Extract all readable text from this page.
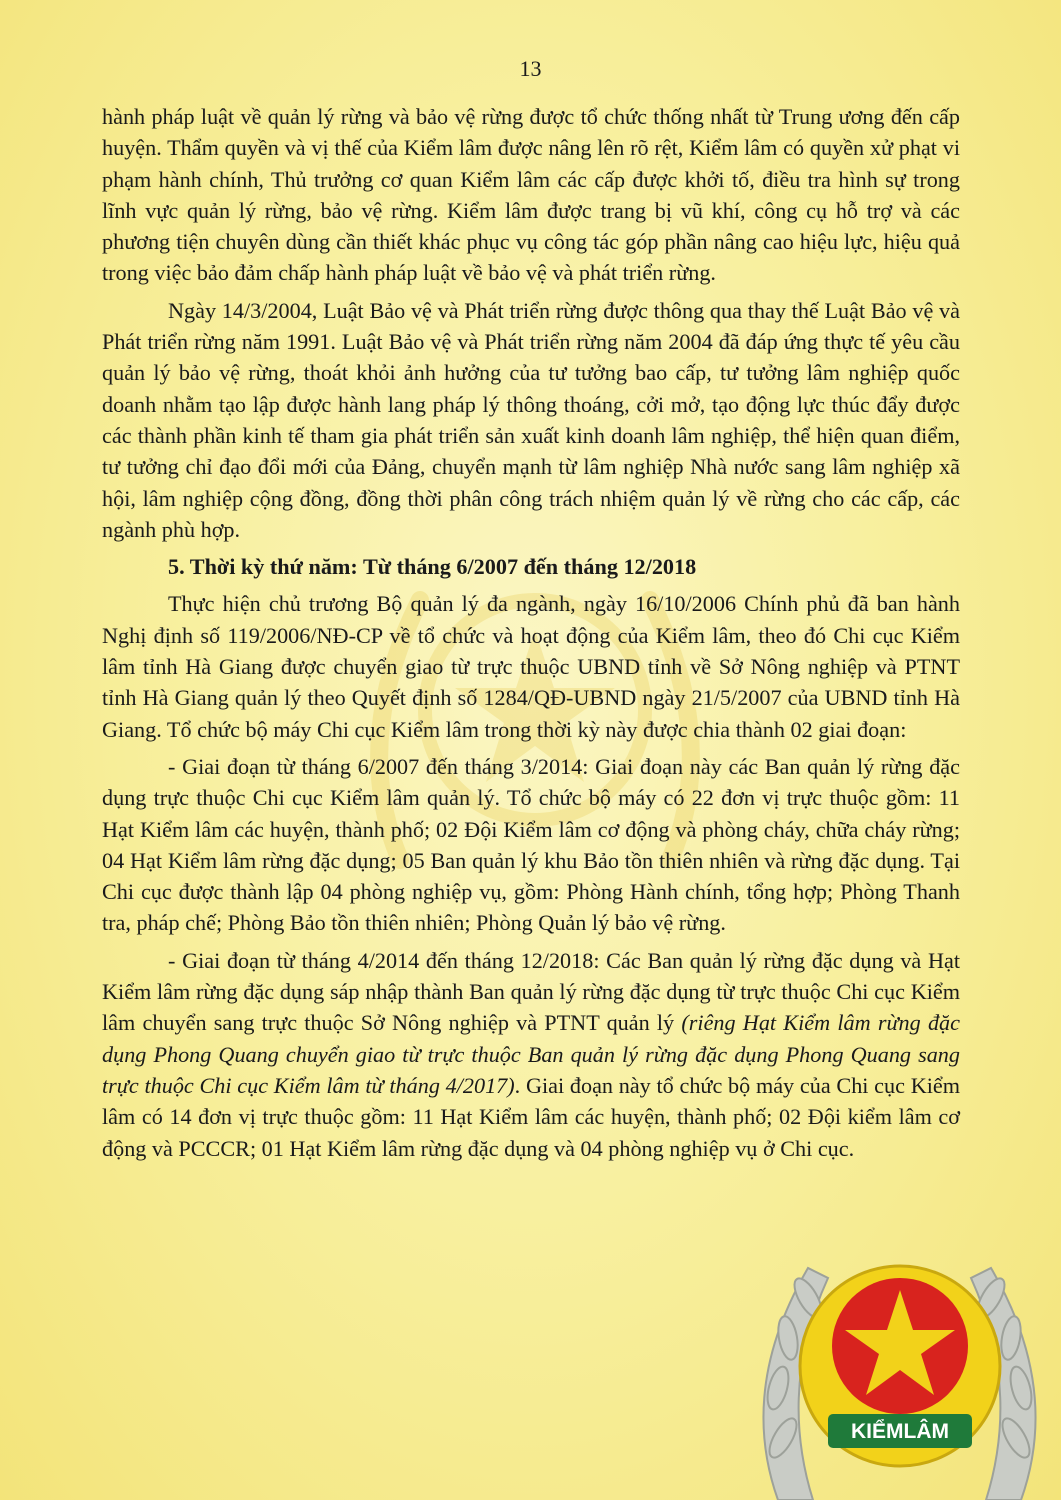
13

hành pháp luật về quản lý rừng và bảo vệ rừng được tổ chức thống nhất từ Trung ương đến cấp huyện. Thẩm quyền và vị thế của Kiểm lâm được nâng lên rõ rệt, Kiểm lâm có quyền xử phạt vi phạm hành chính, Thủ trưởng cơ quan Kiểm lâm các cấp được khởi tố, điều tra hình sự trong lĩnh vực quản lý rừng, bảo vệ rừng. Kiểm lâm được trang bị vũ khí, công cụ hỗ trợ và các phương tiện chuyên dùng cần thiết khác phục vụ công tác góp phần nâng cao hiệu lực, hiệu quả trong việc bảo đảm chấp hành pháp luật về bảo vệ và phát triển rừng.

Ngày 14/3/2004, Luật Bảo vệ và Phát triển rừng được thông qua thay thế Luật Bảo vệ và Phát triển rừng năm 1991. Luật Bảo vệ và Phát triển rừng năm 2004 đã đáp ứng thực tế yêu cầu quản lý bảo vệ rừng, thoát khỏi ảnh hưởng của tư tưởng bao cấp, tư tưởng lâm nghiệp quốc doanh nhằm tạo lập được hành lang pháp lý thông thoáng, cởi mở, tạo động lực thúc đẩy được các thành phần kinh tế tham gia phát triển sản xuất kinh doanh lâm nghiệp, thể hiện quan điểm, tư tưởng chỉ đạo đổi mới của Đảng, chuyển mạnh từ lâm nghiệp Nhà nước sang lâm nghiệp xã hội, lâm nghiệp cộng đồng, đồng thời phân công trách nhiệm quản lý về rừng cho các cấp, các ngành phù hợp.

5. Thời kỳ thứ năm: Từ tháng 6/2007 đến tháng 12/2018

Thực hiện chủ trương Bộ quản lý đa ngành, ngày 16/10/2006 Chính phủ đã ban hành Nghị định số 119/2006/NĐ-CP về tổ chức và hoạt động của Kiểm lâm, theo đó Chi cục Kiểm lâm tỉnh Hà Giang được chuyển giao từ trực thuộc UBND tỉnh về Sở Nông nghiệp và PTNT tỉnh Hà Giang quản lý theo Quyết định số 1284/QĐ-UBND ngày 21/5/2007 của UBND tỉnh Hà Giang. Tổ chức bộ máy Chi cục Kiểm lâm trong thời kỳ này được chia thành 02 giai đoạn:

- Giai đoạn từ tháng 6/2007 đến tháng 3/2014: Giai đoạn này các Ban quản lý rừng đặc dụng trực thuộc Chi cục Kiểm lâm quản lý. Tổ chức bộ máy có 22 đơn vị trực thuộc gồm: 11 Hạt Kiểm lâm các huyện, thành phố; 02 Đội Kiểm lâm cơ động và phòng cháy, chữa cháy rừng; 04 Hạt Kiểm lâm rừng đặc dụng; 05 Ban quản lý khu Bảo tồn thiên nhiên và rừng đặc dụng. Tại Chi cục được thành lập 04 phòng nghiệp vụ, gồm: Phòng Hành chính, tổng hợp; Phòng Thanh tra, pháp chế; Phòng Bảo tồn thiên nhiên; Phòng Quản lý bảo vệ rừng.

- Giai đoạn từ tháng 4/2014 đến tháng 12/2018: Các Ban quản lý rừng đặc dụng và Hạt Kiểm lâm rừng đặc dụng sáp nhập thành Ban quản lý rừng đặc dụng từ trực thuộc Chi cục Kiểm lâm chuyển sang trực thuộc Sở Nông nghiệp và PTNT quản lý (riêng Hạt Kiểm lâm rừng đặc dụng Phong Quang chuyển giao từ trực thuộc Ban quản lý rừng đặc dụng Phong Quang sang trực thuộc Chi cục Kiểm lâm từ tháng 4/2017). Giai đoạn này tổ chức bộ máy của Chi cục Kiểm lâm có 14 đơn vị trực thuộc gồm: 11 Hạt Kiểm lâm các huyện, thành phố; 02 Đội kiểm lâm cơ động và PCCCR; 01 Hạt Kiểm lâm rừng đặc dụng và 04 phòng nghiệp vụ ở Chi cục.

KIỂMLÂM
